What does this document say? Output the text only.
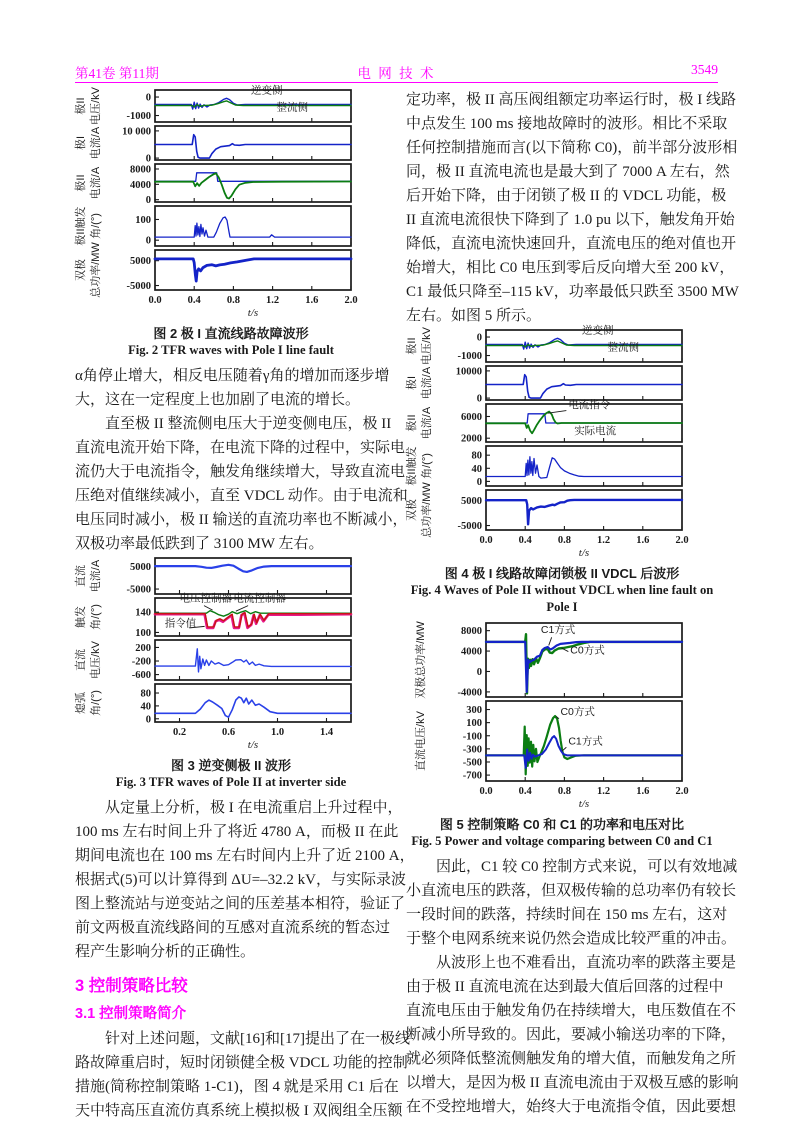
第41卷 第11期	电 网 技 术	3549
0
-1000
逆变侧
整流侧
极II 电压/kV
10 000
0
极I 电流/A
8000
4000
0
极II 电流/A
100
0
极II触发 角/(°)
5000
-5000
双极 总功率/MW
0.0 0.4 0.8 1.2 1.6 2.0
t/s
图 2 极 I 直流线路故障波形
Fig. 2 TFR waves with Pole I line fault
α角停止增大，相反电压随着γ角的增加而逐步增
大，这在一定程度上也加剧了电流的增长。
直至极 II 整流侧电压大于逆变侧电压，极 II
直流电流开始下降，在电流下降的过程中，实际电
流仍大于电流指令，触发角继续增大，导致直流电
压绝对值继续减小，直至 VDCL 动作。由于电流和
电压同时减小，极 II 输送的直流功率也不断减小，
双极功率最低跌到了 3100 MW 左右。
5000
-5000
直流 电流/A
140
100
电压控制器 电流控制器
指令值
触发 角/(°)
200
-200
-600
直流 电压/kV
80
40
0
熄弧 角/(°)
0.2	0.6	1.0	1.4
t/s
图 3 逆变侧极 II 波形
Fig. 3 TFR waves of Pole II at inverter side
从定量上分析，极 I 在电流重启上升过程中，
100 ms 左右时间上升了将近 4780 A，而极 II 在此
期间电流也在 100 ms 左右时间内上升了近 2100 A，
根据式(5)可以计算得到 ΔU=–32.2 kV，与实际录波
图上整流站与逆变站之间的压差基本相符，验证了
前文两极直流线路间的互感对直流系统的暂态过
程产生影响分析的正确性。
3 控制策略比较
3.1 控制策略简介
针对上述问题，文献[16]和[17]提出了在一极线
路故障重启时，短时闭锁健全极 VDCL 功能的控制
措施(简称控制策略 1-C1)，图 4 就是采用 C1 后在
天中特高压直流仿真系统上模拟极 I 双阀组全压额
定功率，极 II 高压阀组额定功率运行时，极 I 线路
中点发生 100 ms 接地故障时的波形。相比不采取
任何控制措施而言(以下简称 C0)，前半部分波形相
同，极 II 直流电流也是最大到了 7000 A 左右，然
后开始下降，由于闭锁了极 II 的 VDCL 功能，极
II 直流电流很快下降到了 1.0 pu 以下，触发角开始
降低，直流电流快速回升，直流电压的绝对值也开
始增大，相比 C0 电压到零后反向增大至 200 kV，
C1 最低只降至–115 kV，功率最低只跌至 3500 MW
左右。如图 5 所示。
0
-1000
逆变侧
整流侧
极II 电压/kV
10000
0
极I 电流/A
6000
2000
电流指令
实际电流
极II 电流/A
80
40
0
极II触发 角/(°)
5000
-5000
双极 总功率/MW
0.0 0.4 0.8 1.2 1.6 2.0
t/s
图 4 极 I 线路故障闭锁极 II VDCL 后波形
Fig. 4 Waves of Pole II without VDCL when line fault on Pole I
8000
4000
0
-4000
C1方式
C0方式
双极总功率/MW
300
100
-100
-300
-500
-700
C0方式
C1方式
直流电压/kV
0.0 0.4 0.8 1.2 1.6 2.0
t/s
图 5 控制策略 C0 和 C1 的功率和电压对比
Fig. 5 Power and voltage comparing between C0 and C1
因此，C1 较 C0 控制方式来说，可以有效地减
小直流电压的跌落，但双极传输的总功率仍有较长
一段时间的跌落，持续时间在 150 ms 左右，这对
于整个电网系统来说仍然会造成比较严重的冲击。
从波形上也不难看出，直流功率的跌落主要是
由于极 II 直流电流在达到最大值后回落的过程中
直流电压由于触发角仍在持续增大，电压数值在不
断减小所导致的。因此，要减小输送功率的下降，
就必须降低整流侧触发角的增大值，而触发角之所
以增大，是因为极 II 直流电流由于双极互感的影响
在不受控地增大，始终大于电流指令值，因此要想
